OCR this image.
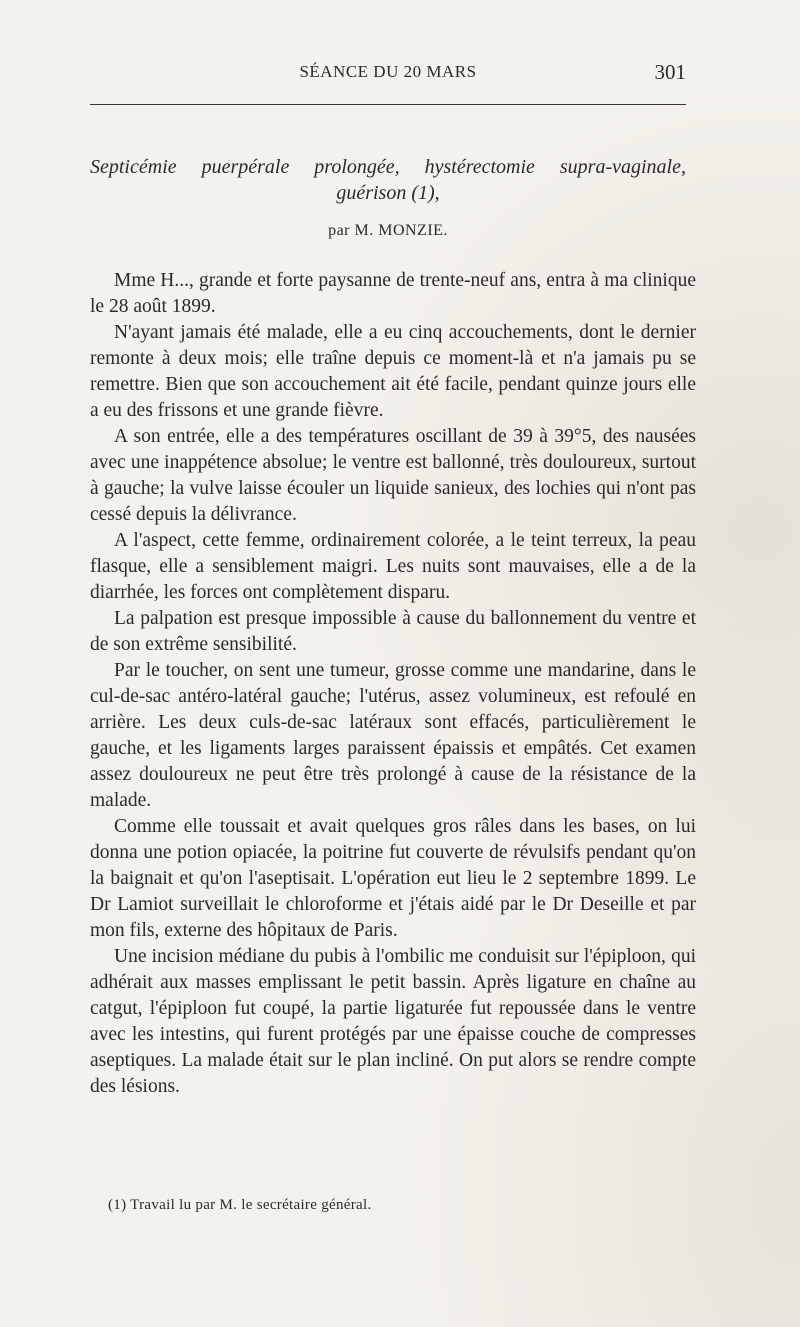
SÉANCE DU 20 MARS	301
Septicémie puerpérale prolongée, hystérectomie supra-vaginale,
guérison (1),
par M. MONZIE.

Mme H..., grande et forte paysanne de trente-neuf ans, entra à ma clinique le 28 août 1899.

N'ayant jamais été malade, elle a eu cinq accouchements, dont le dernier remonte à deux mois; elle traîne depuis ce moment-là et n'a jamais pu se remettre. Bien que son accouchement ait été facile, pendant quinze jours elle a eu des frissons et une grande fièvre.

A son entrée, elle a des températures oscillant de 39 à 39°5, des nausées avec une inappétence absolue; le ventre est ballonné, très douloureux, surtout à gauche; la vulve laisse écouler un liquide sanieux, des lochies qui n'ont pas cessé depuis la délivrance.

A l'aspect, cette femme, ordinairement colorée, a le teint terreux, la peau flasque, elle a sensiblement maigri. Les nuits sont mauvaises, elle a de la diarrhée, les forces ont complètement disparu.

La palpation est presque impossible à cause du ballonnement du ventre et de son extrême sensibilité.

Par le toucher, on sent une tumeur, grosse comme une mandarine, dans le cul-de-sac antéro-latéral gauche; l'utérus, assez volumineux, est refoulé en arrière. Les deux culs-de-sac latéraux sont effacés, particulièrement le gauche, et les ligaments larges paraissent épaissis et empâtés. Cet examen assez douloureux ne peut être très prolongé à cause de la résistance de la malade.

Comme elle toussait et avait quelques gros râles dans les bases, on lui donna une potion opiacée, la poitrine fut couverte de révulsifs pendant qu'on la baignait et qu'on l'aseptisait. L'opération eut lieu le 2 septembre 1899. Le Dr Lamiot surveillait le chloroforme et j'étais aidé par le Dr Deseille et par mon fils, externe des hôpitaux de Paris.

Une incision médiane du pubis à l'ombilic me conduisit sur l'épiploon, qui adhérait aux masses emplissant le petit bassin. Après ligature en chaîne au catgut, l'épiploon fut coupé, la partie ligaturée fut repoussée dans le ventre avec les intestins, qui furent protégés par une épaisse couche de compresses aseptiques. La malade était sur le plan incliné. On put alors se rendre compte des lésions.

(1) Travail lu par M. le secrétaire général.
